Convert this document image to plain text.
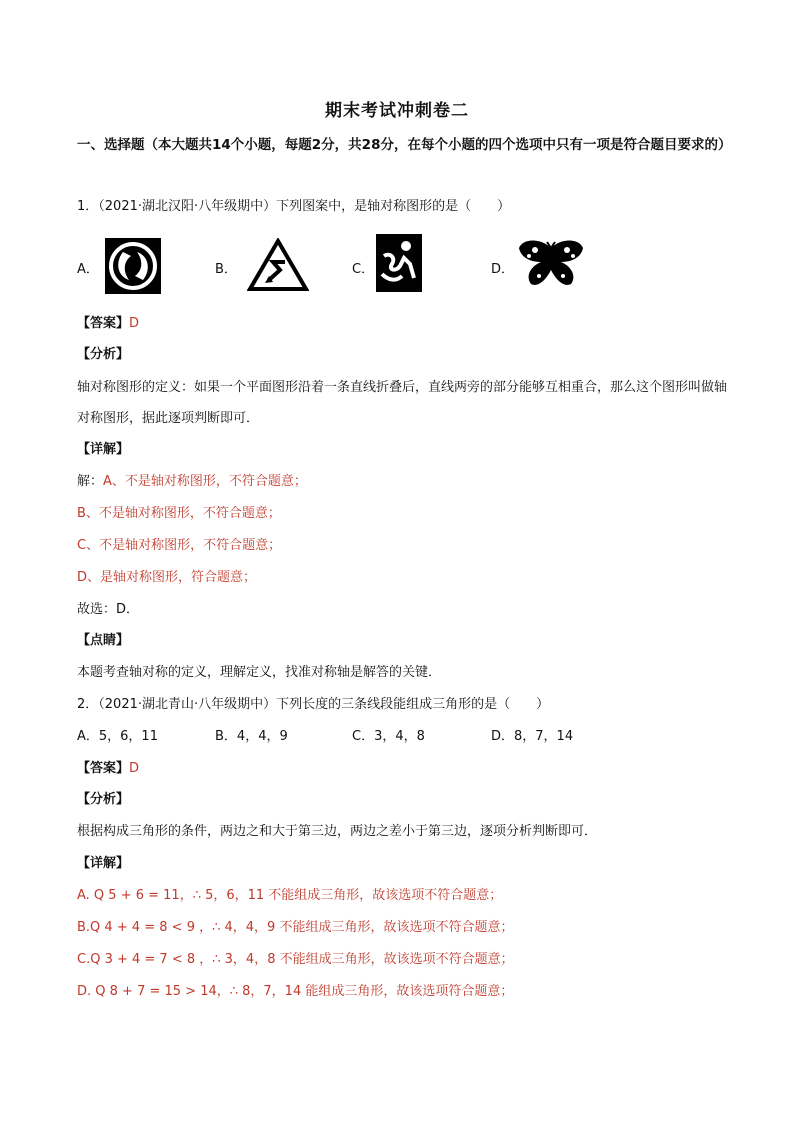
期末考试冲刺卷二
一、选择题（本大题共14个小题，每题2分，共28分，在每个小题的四个选项中只有一项是符合题目要求的）
1．（2021·湖北汉阳·八年级期中）下列图案中，是轴对称图形的是（　　）
A．	B．	C．	D．
【答案】D
【分析】
轴对称图形的定义：如果一个平面图形沿着一条直线折叠后，直线两旁的部分能够互相重合，那么这个图形叫做轴对称图形，据此逐项判断即可．
【详解】
解：A、不是轴对称图形，不符合题意；
B、不是轴对称图形，不符合题意；
C、不是轴对称图形，不符合题意；
D、是轴对称图形，符合题意；
故选：D．
【点睛】
本题考查轴对称的定义，理解定义，找准对称轴是解答的关键．
2．（2021·湖北青山·八年级期中）下列长度的三条线段能组成三角形的是（　　）
A．5，6，11	B．4，4，9	C．3，4，8	D．8，7，14
【答案】D
【分析】
根据构成三角形的条件，两边之和大于第三边，两边之差小于第三边，逐项分析判断即可．
【详解】
A. Q 5 + 6 = 11，∴ 5，6，11 不能组成三角形，故该选项不符合题意；
B.Q 4 + 4 = 8 < 9 ，∴ 4，4，9 不能组成三角形，故该选项不符合题意；
C.Q 3 + 4 = 7 < 8 ，∴ 3，4，8 不能组成三角形，故该选项不符合题意；
D. Q 8 + 7 = 15 > 14，∴ 8，7，14 能组成三角形，故该选项符合题意；
